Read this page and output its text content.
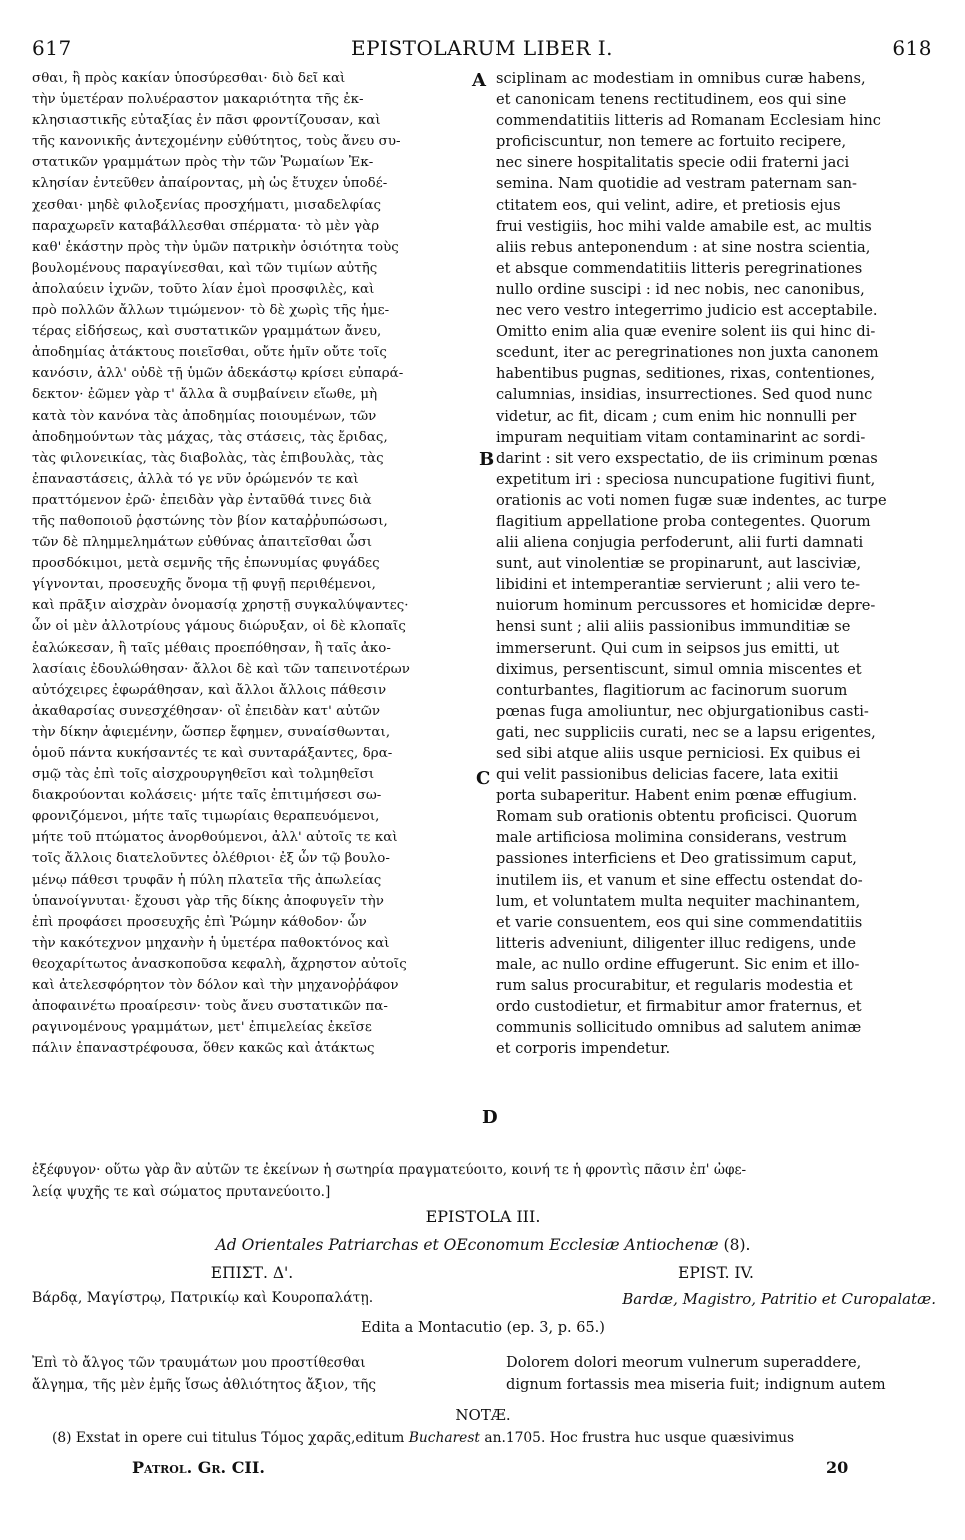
617	EPISTOLARUM LIBER I.	618
σθαι, ἢ πρὸς κακίαν ὑποσύρεσθαι· διὸ δεῖ καὶ
τὴν ὑμετέραν πολυέραστον μακαριότητα τῆς ἐκ-
κλησιαστικῆς εὐταξίας ἐν πᾶσι φροντίζουσαν, καὶ
τῆς κανονικῆς ἀντεχομένην εὐθύτητος, τοὺς ἄνευ συ-
στατικῶν γραμμάτων πρὸς τὴν τῶν Ῥωμαίων Ἐκ-
κλησίαν ἐντεῦθεν ἀπαίροντας, μὴ ὡς ἔτυχεν ὑποδέ-
χεσθαι· μηδὲ φιλοξενίας προσχήματι, μισαδελφίας
παραχωρεῖν καταβάλλεσθαι σπέρματα· τὸ μὲν γὰρ
καθ' ἑκάστην πρὸς τὴν ὑμῶν πατρικὴν ὁσιότητα τοὺς
βουλομένους παραγίνεσθαι, καὶ τῶν τιμίων αὐτῆς
ἀπολαύειν ἰχνῶν, τοῦτο λίαν ἐμοὶ προσφιλὲς, καὶ
πρὸ πολλῶν ἄλλων τιμώμενον· τὸ δὲ χωρὶς τῆς ἡμε-
τέρας εἰδήσεως, καὶ συστατικῶν γραμμάτων ἄνευ,
ἀποδημίας ἀτάκτους ποιεῖσθαι, οὔτε ἡμῖν οὔτε τοῖς
κανόσιν, ἀλλ' οὐδὲ τῇ ὑμῶν ἀδεκάστῳ κρίσει εὐπαρά-
δεκτον· ἐῶμεν γὰρ τ' ἄλλα ἃ συμβαίνειν εἴωθε, μὴ
κατὰ τὸν κανόνα τὰς ἀποδημίας ποιουμένων, τῶν
ἀποδημούντων τὰς μάχας, τὰς στάσεις, τὰς ἔριδας,
τὰς φιλονεικίας, τὰς διαβολὰς, τὰς ἐπιβουλὰς, τὰς
ἐπαναστάσεις, ἀλλὰ τό γε νῦν ὁρώμενόν τε καὶ
πραττόμενον ἐρῶ· ἐπειδὰν γὰρ ἐνταῦθά τινες διὰ
τῆς παθοποιοῦ ῥᾳστώνης τὸν βίον καταῤῥυπώσωσι,
τῶν δὲ πλημμελημάτων εὐθύνας ἀπαιτεῖσθαι ὦσι
προσδόκιμοι, μετὰ σεμνῆς τῆς ἐπωνυμίας φυγάδες
γίγνονται, προσευχῆς ὄνομα τῇ φυγῇ περιθέμενοι,
καὶ πρᾶξιν αἰσχρὰν ὀνομασίᾳ χρηστῇ συγκαλύψαντες·
ὧν οἱ μὲν ἀλλοτρίους γάμους διώρυξαν, οἱ δὲ κλοπαῖς
ἑαλώκεσαν, ἢ ταῖς μέθαις προεπόθησαν, ἢ ταῖς ἀκο-
λασίαις ἐδουλώθησαν· ἄλλοι δὲ καὶ τῶν ταπεινοτέρων
αὐτόχειρες ἐφωράθησαν, καὶ ἄλλοι ἄλλοις πάθεσιν
ἀκαθαρσίας συνεσχέθησαν· οἳ ἐπειδὰν κατ' αὐτῶν
τὴν δίκην ἀφιεμένην, ὥσπερ ἔφημεν, συναίσθωνται,
ὁμοῦ πάντα κυκήσαντές τε καὶ συνταράξαντες, δρα-
σμῷ τὰς ἐπὶ τοῖς αἰσχρουργηθεῖσι καὶ τολμηθεῖσι
διακρούονται κολάσεις· μήτε ταῖς ἐπιτιμήσεσι σω-
φρονιζόμενοι, μήτε ταῖς τιμωρίαις θεραπευόμενοι,
μήτε τοῦ πτώματος ἀνορθούμενοι, ἀλλ' αὐτοῖς τε καὶ
τοῖς ἄλλοις διατελοῦντες ὀλέθριοι· ἐξ ὧν τῷ βουλο-
μένῳ πάθεσι τρυφᾶν ἡ πύλη πλατεῖα τῆς ἀπωλείας
ὑπανοίγνυται· ἔχουσι γὰρ τῆς δίκης ἀποφυγεῖν τὴν
ἐπὶ προφάσει προσευχῆς ἐπὶ Ῥώμην κάθοδον· ὧν
τὴν κακότεχνον μηχανὴν ἡ ὑμετέρα παθοκτόνος καὶ
θεοχαρίτωτος ἀνασκοποῦσα κεφαλὴ, ἄχρηστον αὐτοῖς
καὶ ἀτελεσφόρητον τὸν δόλον καὶ τὴν μηχανοῤῥάφον
ἀποφαινέτω προαίρεσιν· τοὺς ἄνευ συστατικῶν πα-
ραγινομένους γραμμάτων, μετ' ἐπιμελείας ἐκεῖσε
πάλιν ἐπαναστρέφουσα, ὅθεν κακῶς καὶ ἀτάκτως
sciplinam ac modestiam in omnibus curæ habens,
et canonicam tenens rectitudinem, eos qui sine
commendatitiis litteris ad Romanam Ecclesiam hinc
proficiscuntur, non temere ac fortuito recipere,
nec sinere hospitalitatis specie odii fraterni jaci
semina. Nam quotidie ad vestram paternam san-
ctitatem eos, qui velint, adire, et pretiosis ejus
frui vestigiis, hoc mihi valde amabile est, ac multis
aliis rebus anteponendum : at sine nostra scientia,
et absque commendatitiis litteris peregrinationes
nullo ordine suscipi : id nec nobis, nec canonibus,
nec vero vestro integerrimo judicio est acceptabile.
Omitto enim alia quæ evenire solent iis qui hinc di-
scedunt, iter ac peregrinationes non juxta canonem
habentibus pugnas, seditiones, rixas, contentiones,
calumnias, insidias, insurrectiones. Sed quod nunc
videtur, ac fit, dicam ; cum enim hic nonnulli per
impuram nequitiam vitam contaminarint ac sordi-
darint : sit vero exspectatio, de iis criminum pœnas
expetitum iri : speciosa nuncupatione fugitivi fiunt,
orationis ac voti nomen fugæ suæ indentes, ac turpe
flagitium appellatione proba contegentes. Quorum
alii aliena conjugia perfoderunt, alii furti damnati
sunt, aut vinolentiæ se propinarunt, aut lasciviæ,
libidini et intemperantiæ servierunt ; alii vero te-
nuiorum hominum percussores et homicidæ depre-
hensi sunt ; alii aliis passionibus immunditiæ se
immerserunt. Qui cum in seipsos jus emitti, ut
diximus, persentiscunt, simul omnia miscentes et
conturbantes, flagitiorum ac facinorum suorum
pœnas fuga amoliuntur, nec objurgationibus casti-
gati, nec suppliciis curati, nec se a lapsu erigentes,
sed sibi atque aliis usque perniciosi. Ex quibus ei
qui velit passionibus delicias facere, lata exitii
porta subaperitur. Habent enim pœnæ effugium.
Romam sub orationis obtentu proficisci. Quorum
male artificiosa molimina considerans, vestrum
passiones interficiens et Deo gratissimum caput,
inutilem iis, et vanum et sine effectu ostendat do-
lum, et voluntatem multa nequiter machinantem,
et varie consuentem, eos qui sine commendatitiis
litteris adveniunt, diligenter illuc redigens, unde
male, ac nullo ordine effugerunt. Sic enim et illo-
rum salus procurabitur, et regularis modestia et
ordo custodietur, et firmabitur amor fraternus, et
communis sollicitudo omnibus ad salutem animæ
et corporis impendetur.
A
B
C
D
ἐξέφυγον· οὕτω γὰρ ἂν αὐτῶν τε ἐκείνων ἡ σωτηρία πραγματεύοιτο, κοινή τε ἡ φροντὶς πᾶσιν ἐπ' ὠφε-
λείᾳ ψυχῆς τε καὶ σώματος πρυτανεύοιτο.]
EPISTOLA III.
Ad Orientales Patriarchas et OEconomum Ecclesiæ Antiochenæ (8).
ΕΠΙΣΤ. Δ'.	EPIST. IV.
Βάρδᾳ, Μαγίστρῳ, Πατρικίῳ καὶ Κουροπαλάτῃ.	Bardæ, Magistro, Patritio et Curopalatæ.
Edita a Montacutio (ep. 3, p. 65.)
Ἐπὶ τὸ ἄλγος τῶν τραυμάτων μου προστίθεσθαι
ἄλγημα, τῆς μὲν ἐμῆς ἴσως ἀθλιότητος ἄξιον, τῆς
Dolorem dolori meorum vulnerum superaddere,
dignum fortassis mea miseria fuit; indignum autem
NOTÆ.
(8) Exstat in opere cui titulus Τόμος χαρᾶς,editum Bucharest an.1705. Hoc frustra huc usque quæsivimus
Patrol. Gr. CII.	20
